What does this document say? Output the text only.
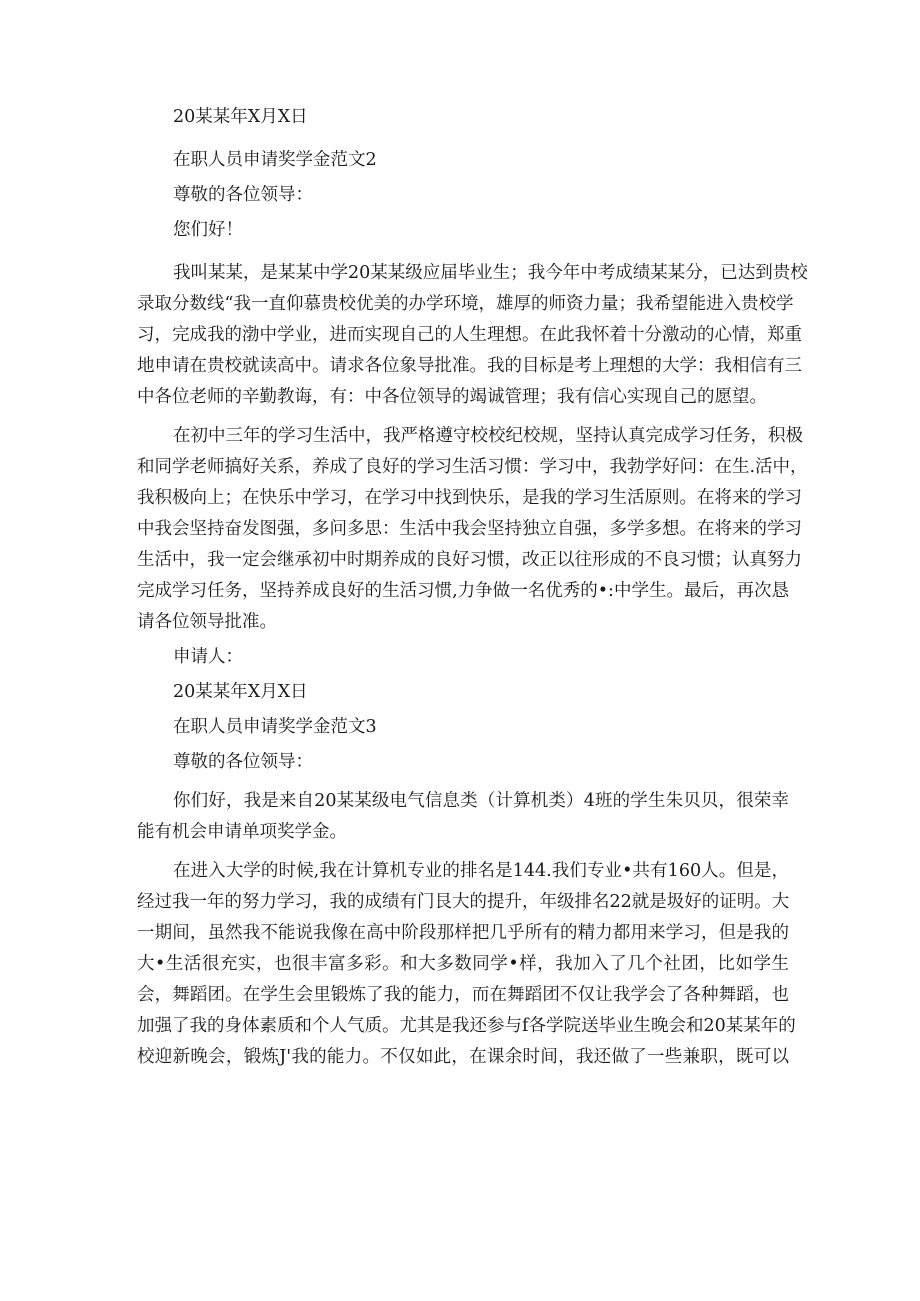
20某某年X月X日
在职人员申请奖学金范文2
尊敬的各位领导：
您们好！
我叫某某，是某某中学20某某级应届毕业生；我今年中考成绩某某分，已达到贵校
录取分数线“我一直仰慕贵校优美的办学环境，雄厚的师资力量；我希望能进入贵校学
习，完成我的渤中学业，进而实现自己的人生理想。在此我怀着十分激动的心情，郑重
地申请在贵校就读高中。请求各位象导批准。我的目标是考上理想的大学：我相信有三
中各位老师的辛勤教诲，有：中各位领导的竭诚管理；我有信心实现自己的愿望。
在初中三年的学习生活中，我严格遵守校校纪校规，坚持认真完成学习任务，积极
和同学老师搞好关系，养成了良好的学习生活习惯：学习中，我勃学好问：在生.活中，
我积极向上；在快乐中学习，在学习中找到快乐，是我的学习生活原则。在将来的学习
中我会坚持奋发图强，多问多思：生活中我会坚持独立自强，多学多想。在将来的学习
生活中，我一定会继承初中时期养成的良好习惯，改正以往形成的不良习惯；认真努力
完成学习任务，坚持养成良好的生活习惯,力争做一名优秀的•:中学生。最后，再次恳
请各位领导批准。
申请人：
20某某年X月X日
在职人员申请奖学金范文3
尊敬的各位领导：
你们好，我是来自20某某级电气信息类（计算机类）4班的学生朱贝贝，很荣幸
能有机会申请单项奖学金。
在进入大学的时候,我在计算机专业的排名是144.我们专业•共有160人。但是，
经过我一年的努力学习，我的成绩有门艮大的提升，年级排名22就是圾好的证明。大
一期间，虽然我不能说我像在高中阶段那样把几乎所有的精力都用来学习，但是我的
大•生活很充实，也很丰富多彩。和大多数同学•样，我加入了几个社团，比如学生
会，舞蹈团。在学生会里锻炼了我的能力，而在舞蹈团不仅让我学会了各种舞蹈，也
加强了我的身体素质和个人气质。尤其是我还参与f各学院送毕业生晚会和20某某年的
校迎新晚会，锻炼J'我的能力。不仅如此，在课余时间，我还做了一些兼职，既可以
